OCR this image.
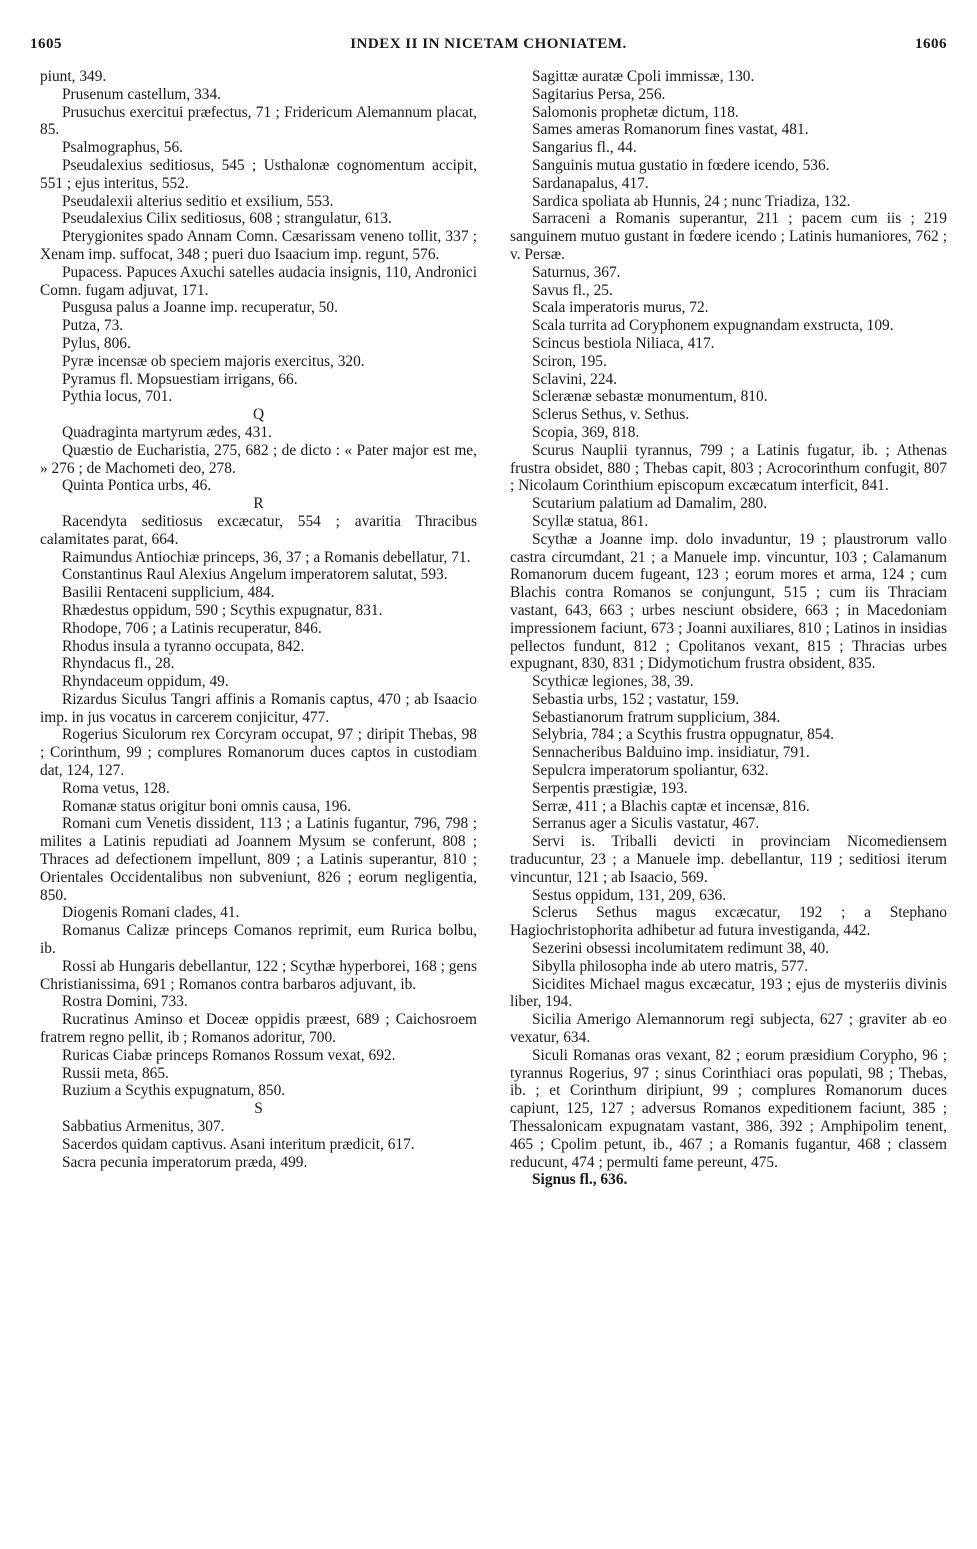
1605	INDEX II IN NICETAM CHONIATEM.	1606
piunt, 349.
Prusenum castellum, 334.
Prusuchus exercitui præfectus, 71 ; Fridericum Alemannum placat, 85.
Psalmographus, 56.
Pseudalexius seditiosus, 545 ; Usthalonæ cognomentum accipit, 551 ; ejus interitus, 552.
Pseudalexii alterius seditio et exsilium, 553.
Pseudalexius Cilix seditiosus, 608 ; strangulatur, 613.
Pterygionites spado Annam Comn. Cæsarissam veneno tollit, 337 ; Xenam imp. suffocat, 348 ; pueri duo Isaacium imp. regunt, 576.
Pupacess. Papuces Axuchi satelles audacia insignis, 110, Andronici Comn. fugam adjuvat, 171.
Pusgusa palus a Joanne imp. recuperatur, 50.
Putza, 73.
Pylus, 806.
Pyræ incensæ ob speciem majoris exercitus, 320.
Pyramus fl. Mopsuestiam irrigans, 66.
Pythia locus, 701.
Q
Quadraginta martyrum ædes, 431.
Quæstio de Eucharistia, 275, 682 ; de dicto : « Pater major est me, » 276 ; de Machometi deo, 278.
Quinta Pontica urbs, 46.
R
Racendyta seditiosus excæcatur, 554 ; avaritia Thracibus calamitates parat, 664.
Raimundus Antiochiæ princeps, 36, 37 ; a Romanis debellatur, 71.
Constantinus Raul Alexius Angelum imperatorem salutat, 593.
Basilii Rentaceni supplicium, 484.
Rhædestus oppidum, 590 ; Scythis expugnatur, 831.
Rhodope, 706 ; a Latinis recuperatur, 846.
Rhodus insula a tyranno occupata, 842.
Rhyndacus fl., 28.
Rhyndaceum oppidum, 49.
Rizardus Siculus Tangri affinis a Romanis captus, 470 ; ab Isaacio imp. in jus vocatus in carcerem conjicitur, 477.
Rogerius Siculorum rex Corcyram occupat, 97 ; diripit Thebas, 98 ; Corinthum, 99 ; complures Romanorum duces captos in custodiam dat, 124, 127.
Roma vetus, 128.
Romanæ status origitur boni omnis causa, 196.
Romani cum Venetis dissident, 113 ; a Latinis fugantur, 796, 798 ; milites a Latinis repudiati ad Joannem Mysum se conferunt, 808 ; Thraces ad defectionem impellunt, 809 ; a Latinis superantur, 810 ; Orientales Occidentalibus non subveniunt, 826 ; eorum negligentia, 850.
Diogenis Romani clades, 41.
Romanus Calizæ princeps Comanos reprimit, eum Rurica bolbu, ib.
Rossi ab Hungaris debellantur, 122 ; Scythæ hyperborei, 168 ; gens Christianissima, 691 ; Romanos contra barbaros adjuvant, ib.
Rostra Domini, 733.
Rucratinus Aminso et Doceæ oppidis præest, 689 ; Caichosroem fratrem regno pellit, ib ; Romanos adoritur, 700.
Ruricas Ciabæ princeps Romanos Rossum vexat, 692.
Russii meta, 865.
Ruzium a Scythis expugnatum, 850.
S
Sabbatius Armenitus, 307.
Sacerdos quidam captivus. Asani interitum prædicit, 617.
Sacra pecunia imperatorum præda, 499.
Sagittæ auratæ Cpoli immissæ, 130.
Sagitarius Persa, 256.
Salomonis prophetæ dictum, 118.
Sames ameras Romanorum fines vastat, 481.
Sangarius fl., 44.
Sanguinis mutua gustatio in fœdere icendo, 536.
Sardanapalus, 417.
Sardica spoliata ab Hunnis, 24 ; nunc Triadiza, 132.
Sarraceni a Romanis superantur, 211 ; pacem cum iis ; 219 sanguinem mutuo gustant in fœdere icendo ; Latinis humaniores, 762 ; v. Persæ.
Saturnus, 367.
Savus fl., 25.
Scala imperatoris murus, 72.
Scala turrita ad Coryphonem expugnandam exstructa, 109.
Scincus bestiola Niliaca, 417.
Sciron, 195.
Sclavini, 224.
Sclerænæ sebastæ monumentum, 810.
Sclerus Sethus, v. Sethus.
Scopia, 369, 818.
Scurus Nauplii tyrannus, 799 ; a Latinis fugatur, ib. ; Athenas frustra obsidet, 880 ; Thebas capit, 803 ; Acrocorinthum confugit, 807 ; Nicolaum Corinthium episcopum excæcatum interficit, 841.
Scutarium palatium ad Damalim, 280.
Scyllæ statua, 861.
Scythæ a Joanne imp. dolo invaduntur, 19 ; plaustrorum vallo castra circumdant, 21 ; a Manuele imp. vincuntur, 103 ; Calamanum Romanorum ducem fugeant, 123 ; eorum mores et arma, 124 ; cum Blachis contra Romanos se conjungunt, 515 ; cum iis Thraciam vastant, 643, 663 ; urbes nesciunt obsidere, 663 ; in Macedoniam impressionem faciunt, 673 ; Joanni auxiliares, 810 ; Latinos in insidias pellectos fundunt, 812 ; Cpolitanos vexant, 815 ; Thracias urbes expugnant, 830, 831 ; Didymotichum frustra obsident, 835.
Scythicæ legiones, 38, 39.
Sebastia urbs, 152 ; vastatur, 159.
Sebastianorum fratrum supplicium, 384.
Selybria, 784 ; a Scythis frustra oppugnatur, 854.
Sennacheribus Balduino imp. insidiatur, 791.
Sepulcra imperatorum spoliantur, 632.
Serpentis præstigiæ, 193.
Serræ, 411 ; a Blachis captæ et incensæ, 816.
Serranus ager a Siculis vastatur, 467.
Servi is. Triballi devicti in provinciam Nicomediensem traducuntur, 23 ; a Manuele imp. debellantur, 119 ; seditiosi iterum vincuntur, 121 ; ab Isaacio, 569.
Sestus oppidum, 131, 209, 636.
Sclerus Sethus magus excæcatur, 192 ; a Stephano Hagiochristophorita adhibetur ad futura investiganda, 442.
Sezerini obsessi incolumitatem redimunt 38, 40.
Sibylla philosopha inde ab utero matris, 577.
Sicidites Michael magus excæcatur, 193 ; ejus de mysteriis divinis liber, 194.
Sicilia Amerigo Alemannorum regi subjecta, 627 ; graviter ab eo vexatur, 634.
Siculi Romanas oras vexant, 82 ; eorum præsidium Corypho, 96 ; tyrannus Rogerius, 97 ; sinus Corinthiaci oras populati, 98 ; Thebas, ib. ; et Corinthum diripiunt, 99 ; complures Romanorum duces capiunt, 125, 127 ; adversus Romanos expeditionem faciunt, 385 ; Thessalonicam expugnatam vastant, 386, 392 ; Amphipolim tenent, 465 ; Cpolim petunt, ib., 467 ; a Romanis fugantur, 468 ; classem reducunt, 474 ; permulti fame pereunt, 475.
Signus fl., 636.
